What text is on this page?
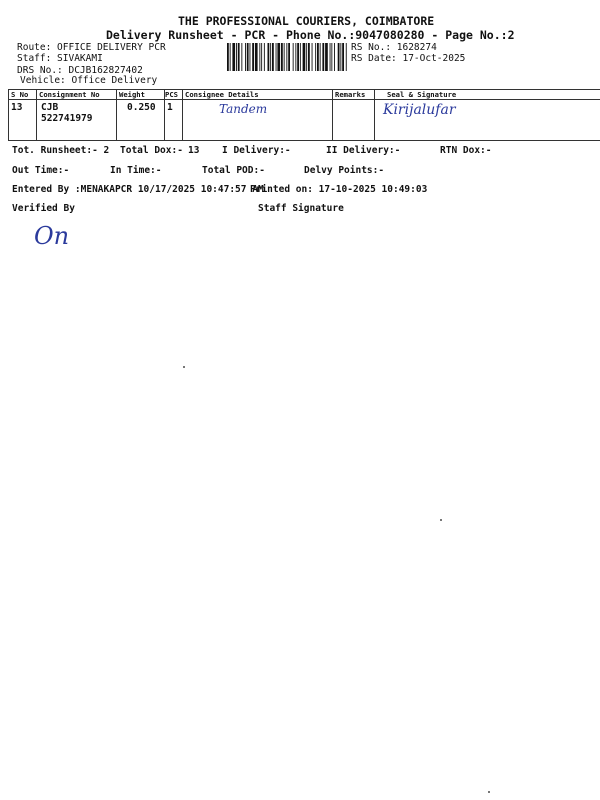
THE PROFESSIONAL COURIERS, COIMBATORE
Delivery Runsheet - PCR - Phone No.:9047080280 - Page No.:2
Route: OFFICE DELIVERY PCR
Staff: SIVAKAMI
DRS No.: DCJB162827402
Vehicle: Office Delivery
RS No.: 1628274
RS Date: 17-Oct-2025
S No	Consignment No	Weight	PCS	Consignee Details	Remarks	Seal & Signature
13	CJB 522741979	0.250	1	Tandem		Kirijalufar
Tot. Runsheet:- 2 Total Dox:- 13 I Delivery:-	II Delivery:-	RTN Dox:-
Out Time:-	In Time:-	Total POD:-	Delvy Points:-
Entered By :MENAKAPCR 10/17/2025 10:47:57 AM
Printed on: 17-10-2025 10:49:03
Verified By	Staff Signature
On
